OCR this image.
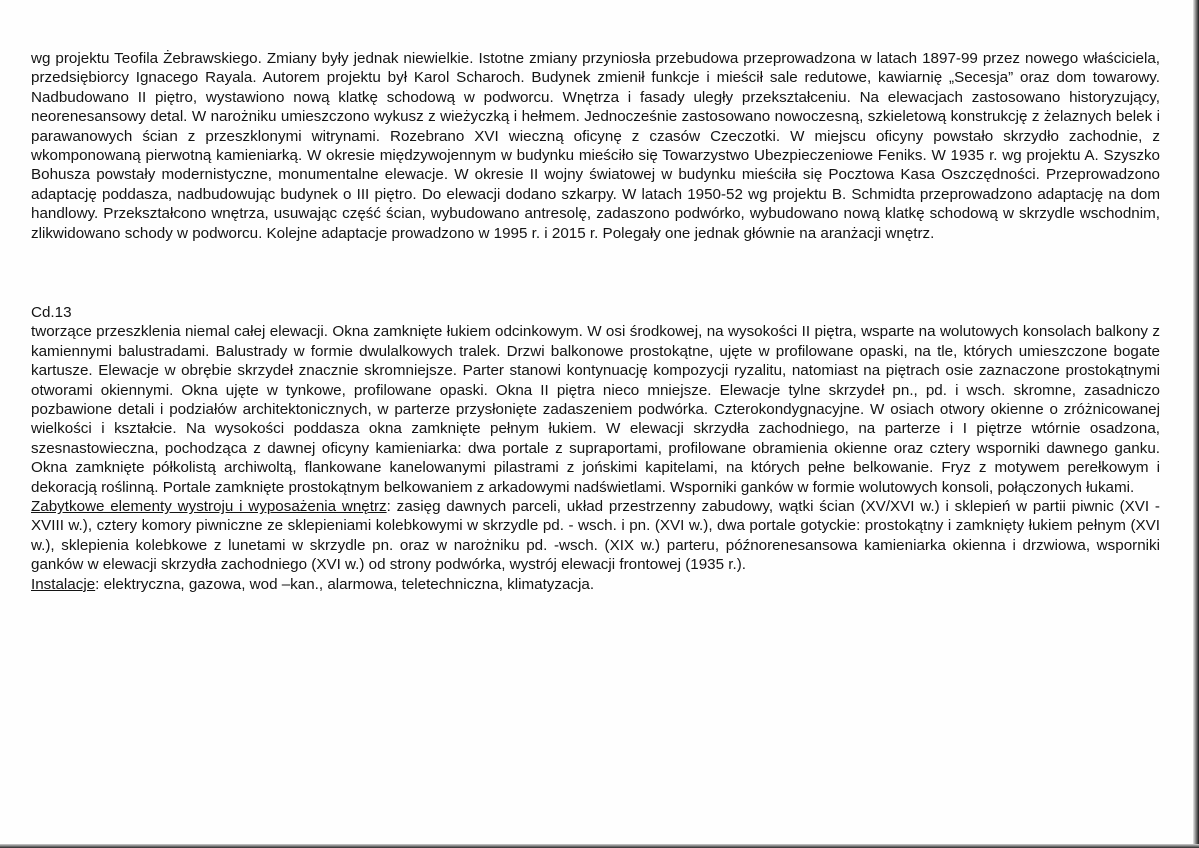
wg projektu Teofila Żebrawskiego. Zmiany były jednak niewielkie. Istotne zmiany przyniosła przebudowa przeprowadzona w latach 1897-99 przez nowego właściciela, przedsiębiorcy Ignacego Rayala. Autorem projektu był Karol Scharoch. Budynek zmienił funkcje i mieścił sale redutowe, kawiarnię „Secesja” oraz dom towarowy. Nadbudowano II piętro, wystawiono nową klatkę schodową w podworcu. Wnętrza i fasady uległy przekształceniu. Na elewacjach zastosowano historyzujący, neorenesansowy detal. W narożniku umieszczono wykusz z wieżyczką i hełmem. Jednocześnie zastosowano nowoczesną, szkieletową konstrukcję z żelaznych belek i parawanowych ścian z przeszklonymi witrynami. Rozebrano XVI wieczną oficynę z czasów Czeczotki. W miejscu oficyny powstało skrzydło zachodnie, z wkomponowaną pierwotną kamieniarką. W okresie międzywojennym w budynku mieściło się Towarzystwo Ubezpieczeniowe Feniks. W 1935 r. wg projektu A. Szyszko Bohusza powstały modernistyczne, monumentalne elewacje. W okresie II wojny światowej w budynku mieściła się Pocztowa Kasa Oszczędności. Przeprowadzono adaptację poddasza, nadbudowując budynek o III piętro. Do elewacji dodano szkarpy. W latach 1950-52 wg projektu B. Schmidta przeprowadzono adaptację na dom handlowy. Przekształcono wnętrza, usuwając część ścian, wybudowano antresolę, zadaszono podwórko, wybudowano nową klatkę schodową w skrzydle wschodnim, zlikwidowano schody w podworcu. Kolejne adaptacje prowadzono w 1995 r. i 2015 r. Polegały one jednak głównie na aranżacji wnętrz.

Cd.13

tworzące przeszklenia niemal całej elewacji. Okna zamknięte łukiem odcinkowym. W osi środkowej, na wysokości II piętra, wsparte na wolutowych konsolach balkony z kamiennymi balustradami. Balustrady w formie dwulalkowych tralek. Drzwi balkonowe prostokątne, ujęte w profilowane opaski, na tle, których umieszczone bogate kartusze. Elewacje w obrębie skrzydeł znacznie skromniejsze. Parter stanowi kontynuację kompozycji ryzalitu, natomiast na piętrach osie zaznaczone prostokątnymi otworami okiennymi. Okna ujęte w tynkowe, profilowane opaski. Okna II piętra nieco mniejsze. Elewacje tylne skrzydeł pn., pd. i wsch. skromne, zasadniczo pozbawione detali i podziałów architektonicznych, w parterze przysłonięte zadaszeniem podwórka. Czterokondygnacyjne. W osiach otwory okienne o zróżnicowanej wielkości i kształcie. Na wysokości poddasza okna zamknięte pełnym łukiem. W elewacji skrzydła zachodniego, na parterze i I piętrze wtórnie osadzona, szesnastowieczna, pochodząca z dawnej oficyny kamieniarka: dwa portale z supraportami, profilowane obramienia okienne oraz cztery wsporniki dawnego ganku. Okna zamknięte półkolistą archiwoltą, flankowane kanelowanymi pilastrami z jońskimi kapitelami, na których pełne belkowanie. Fryz z motywem perełkowym i dekoracją roślinną. Portale zamknięte prostokątnym belkowaniem z arkadowymi nadświetlami. Wsporniki ganków w formie wolutowych konsoli, połączonych łukami.

Zabytkowe elementy wystroju i wyposażenia wnętrz: zasięg dawnych parceli, układ przestrzenny zabudowy, wątki ścian (XV/XVI w.) i sklepień w partii piwnic (XVI - XVIII w.), cztery komory piwniczne ze sklepieniami kolebkowymi w skrzydle pd. - wsch. i pn. (XVI w.), dwa portale gotyckie: prostokątny i zamknięty łukiem pełnym (XVI w.), sklepienia kolebkowe z lunetami w skrzydle pn. oraz w narożniku pd. -wsch. (XIX w.) parteru, późnorenesansowa kamieniarka okienna i drzwiowa, wsporniki ganków w elewacji skrzydła zachodniego (XVI w.) od strony podwórka, wystrój elewacji frontowej (1935 r.).

Instalacje: elektryczna, gazowa, wod –kan., alarmowa, teletechniczna, klimatyzacja.
